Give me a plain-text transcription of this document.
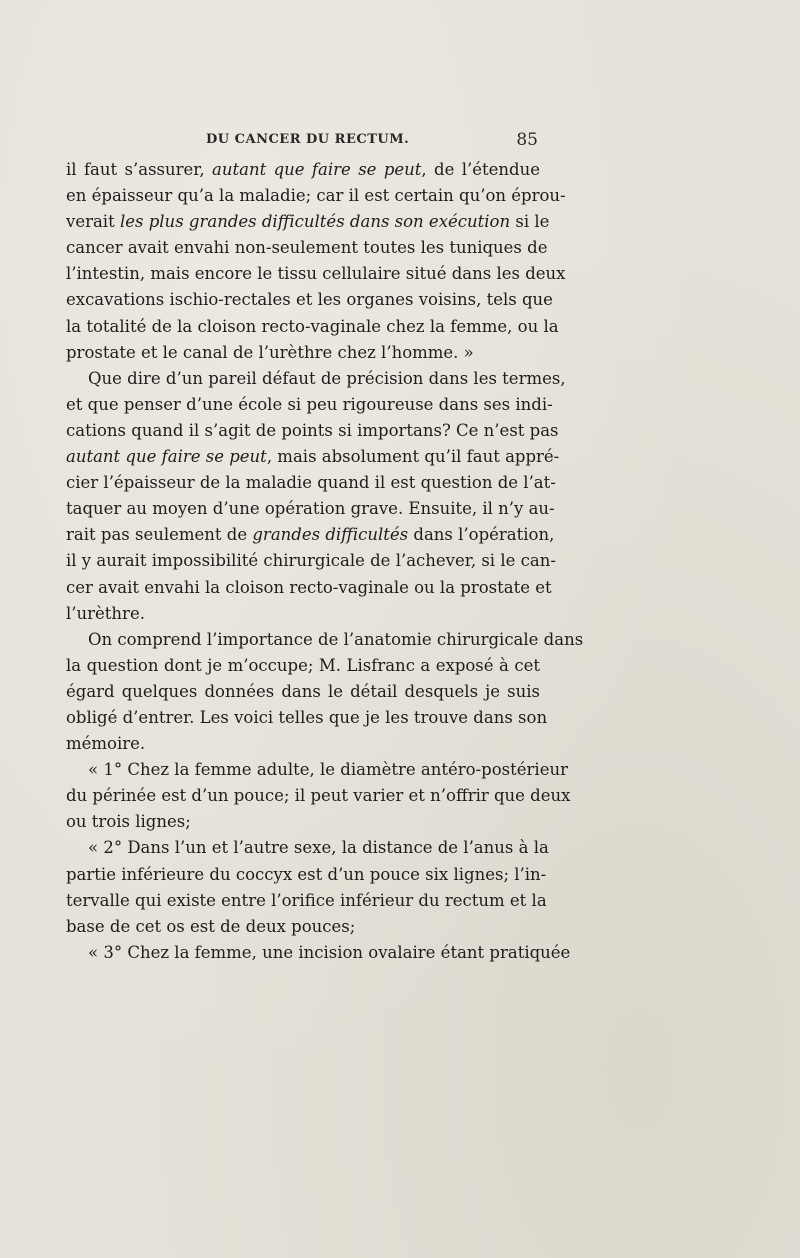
DU CANCER DU RECTUM.	85
il faut s’assurer, autant que faire se peut, de l’étendue
en épaisseur qu’a la maladie; car il est certain qu’on éprou-
verait les plus grandes difficultés dans son exécution si le
cancer avait envahi non-seulement toutes les tuniques de
l’intestin, mais encore le tissu cellulaire situé dans les deux
excavations ischio-rectales et les organes voisins, tels que
la totalité de la cloison recto-vaginale chez la femme, ou la
prostate et le canal de l’urèthre chez l’homme. »
Que dire d’un pareil défaut de précision dans les termes,
et que penser d’une école si peu rigoureuse dans ses indi-
cations quand il s’agit de points si importans? Ce n’est pas
autant que faire se peut, mais absolument qu’il faut appré-
cier l’épaisseur de la maladie quand il est question de l’at-
taquer au moyen d’une opération grave. Ensuite, il n’y au-
rait pas seulement de grandes difficultés dans l’opération,
il y aurait impossibilité chirurgicale de l’achever, si le can-
cer avait envahi la cloison recto-vaginale ou la prostate et
l’urèthre.
On comprend l’importance de l’anatomie chirurgicale dans
la question dont je m’occupe; M. Lisfranc a exposé à cet
égard quelques données dans le détail desquels je suis
obligé d’entrer. Les voici telles que je les trouve dans son
mémoire.
« 1° Chez la femme adulte, le diamètre antéro-postérieur
du périnée est d’un pouce; il peut varier et n’offrir que deux
ou trois lignes;
« 2° Dans l’un et l’autre sexe, la distance de l’anus à la
partie inférieure du coccyx est d’un pouce six lignes; l’in-
tervalle qui existe entre l’orifice inférieur du rectum et la
base de cet os est de deux pouces;
« 3° Chez la femme, une incision ovalaire étant pratiquée
